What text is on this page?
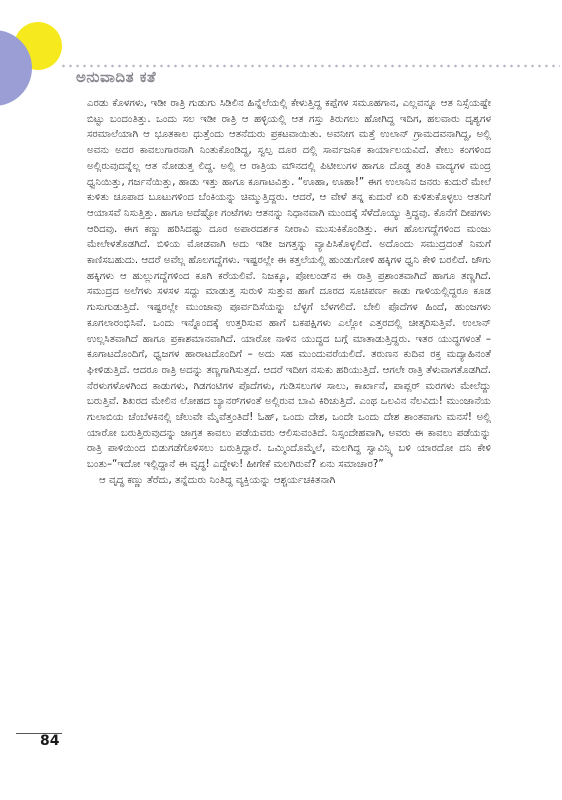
ಅನುವಾದಿತ ಕತೆ

ಎರಡು ಕೊಳಗಳು, ಇಡೀ ರಾತ್ರಿ ಗುಡುಗು ಸಿಡಿಲಿನ ಹಿನ್ನೆಲೆಯಲ್ಲಿ ಕೇಳುತ್ತಿದ್ದ ಕಪ್ಪೆಗಳ ಸಮೂಹಗಾನ, ಎಲ್ಲವನ್ನೂ ಆತ ನಿಸ್ಸೆಯಷ್ಟೇ ಬಿಟ್ಟು ಬಂದಂತಿತ್ತು. ಒಂದು ಸಲ ಇಡೀ ರಾತ್ರಿ ಆ ಹಳ್ಳಿಯಲ್ಲಿ ಆತ ಗಸ್ತು ತಿರುಗಲು ಹೋಗಿದ್ದ ಇದಿಗ, ಹಲವಾರು ದೃಶ್ಯಗಳ ಸರಮಾಲೆಯಾಗಿ ಆ ಭೂತಕಾಲ ಧುತ್ತೆಂದು ಆತನೆದುರು ಪ್ರಕಟವಾಯಿತು. ಅವನೀಗ ಮತ್ತೆ ಉಲಾನ್ ಗ್ರಾಮದವನಾಗಿದ್ದ, ಅಲ್ಲಿ ಅವನು ಅದರ ಕಾವಲುಗಾರನಾಗಿ ನಿಂತುಕೊಂಡಿದ್ದ, ಸ್ವಲ್ಪ ದೂರ ದಲ್ಲಿ ಸಾರ್ವಜನಿಕ ಕಾರ್ಯಾಲಯವಿದೆ. ತೇಲು ಕಂಗಳಿಂದ ಅಲ್ಲಿರುವುದನ್ನೆಲ್ಲ ಆತ ನೋಡುತ್ತ ಲಿದ್ದ. ಅಲ್ಲಿ ಆ ರಾತ್ರಿಯ ಮೌನದಲ್ಲಿ ಪಿಟೀಲುಗಳ ಹಾಗೂ ದೊಡ್ಡ ತಂತಿ ವಾದ್ಯಗಳ ಮಂದ್ರ ಧ್ವನಿಯಿತ್ತು, ಗರ್ಜನೆಯಿತ್ತು, ಹಾಡು ಇತ್ತು ಹಾಗೂ ಕೂಗಾಟವಿತ್ತು. “ಊಹಾ, ಊಹಾ!” ಈಗ ಉಲಾನಿನ ಜನರು ಕುದುರೆ ಮೇಲೆ ಕುಳಿತು ಚೂಪಾದ ಬೂಟುಗಳಿಂದ ಬೆಂಕಿಯನ್ನು ಚಿಮ್ಮುತ್ತಿದ್ದರು. ಆದರೆ, ಆ ವೇಳೆ ತನ್ನ ಕುದುರೆ ಏರಿ ಕುಳಿತುಕೊಳ್ಳಲು ಆತನಿಗೆ ಆಯಾಸವೆ ನಿಸುತ್ತಿತ್ತು. ಹಾಗೂ ಅದೆಷ್ಟೋ ಗಂಟೆಗಳು ಆತನನ್ನು ನಿಧಾನವಾಗಿ ಮುಂದಕ್ಕೆ ಸೆಳೆದೊಯ್ಯು ತ್ತಿದ್ದವು. ಕೊನೆಗೆ ದೀಪಗಳು ಆರಿದವು. ಈಗ ಕಣ್ಣು ಹರಿಸಿದಷ್ಟು ದೂರ ಅಪಾರದರ್ಶಕ ನೀರಾವಿ ಮುಸುಕಿಕೊಂಡಿತ್ತು. ಈಗ ಹೊಲಗದ್ದೆಗಳಿಂದ ಮಂಜು ಮೇಲೇಳತೊಡಗಿದೆ. ಬಿಳಿಯ ಮೋಡವಾಗಿ ಅದು ಇಡೀ ಜಗತ್ತನ್ನು ವ್ಯಾಪಿಸಿಕೊಳ್ಳಲಿದೆ. ಅದೊಂದು ಸಮುದ್ರದಂತೆ ನಿಮಗೆ ಕಾಣಿಸಬಹುದು. ಆದರೆ ಅವೆಲ್ಲ ಹೊಲಗದ್ದೆಗಳು. ಇಷ್ಟರಲ್ಲೇ ಈ ಕತ್ತಲೆಯಲ್ಲಿ ಹುಂಡುಗೋಳಿ ಹಕ್ಕಿಗಳ ಧ್ವನಿ ಕೇಳಿ ಬರಲಿದೆ. ಜೌಗು ಹಕ್ಕಿಗಳು ಆ ಹುಲ್ಲುಗದ್ದೆಗಳಿಂದ ಕೂಗಿ ಕರೆಯಲಿವೆ. ನಿಜಕ್ಕೂ, ಪೋಲಂಡ್‌ನ ಈ ರಾತ್ರಿ ಪ್ರಶಾಂತವಾಗಿದೆ ಹಾಗೂ ತಣ್ಣಗಿದೆ. ಸಮುದ್ರದ ಅಲೆಗಳು ಸಳಸಳ ಸದ್ದು ಮಾಡುತ್ತ ಸುರುಳಿ ಸುತ್ತುವ ಹಾಗೆ ದೂರದ ಸೂಚಿಪರ್ಣ ಕಾಡು ಗಾಳಿಯಲ್ಲಿದ್ದರೂ ಕೂಡ ಗುಸುಗುಡುತ್ತಿದೆ. ಇಷ್ಟರಲ್ಲೇ ಮುಂಜಾವು ಪೂರ್ವದಿಸೆಯನ್ನು ಬೆಳ್ಳಗೆ ಬೆಳಗಲಿದೆ. ಬೇಲಿ ಪೊದೆಗಳ ಹಿಂದೆ, ಹುಂಜಗಳು ಕೂಗಲಾರಂಭಿಸಿವೆ. ಒಂದು ಇನ್ನೊಂದಕ್ಕೆ ಉತ್ತರಿಸುವ ಹಾಗೆ ಬಕಪಕ್ಷಿಗಳು ಎಲ್ಲೋ ಎತ್ತರದಲ್ಲಿ ಚೀತ್ಕರಿಸುತ್ತಿವೆ. ಉಲಾನ್ ಉಲ್ಲಸಿತವಾಗಿದೆ ಹಾಗೂ ಪ್ರಕಾಶಮಾನವಾಗಿದೆ. ಯಾರೋ ನಾಳಿನ ಯುದ್ಧದ ಬಗ್ಗೆ ಮಾತಾಡುತ್ತಿದ್ದರು. ಇತರ ಯುದ್ಧಗಳಂತೆ – ಕೂಗಾಟದೊಂದಿಗೆ, ಧ್ವಜಗಳ ಹಾರಾಟದೊಂದಿಗೆ – ಅದು ಸಹ ಮುಂದುವರೆಯಲಿದೆ. ತರುಣನ ಕುದಿವ ರಕ್ತ ಮದ್ಯಾಹಿನಂತೆ ಘೀಳಿಡುತ್ತಿದೆ. ಆದರೂ ರಾತ್ರಿ ಅದನ್ನು ತಣ್ಣಗಾಗಿಸುತ್ತದೆ. ಆದರೆ ಇದೀಗ ನಸುಕು ಹರಿಯುತ್ತಿದೆ. ಆಗಲೇ ರಾತ್ರಿ ತೆಳುವಾಗತೊಡಗಿದೆ. ನೆರಳುಗಳೊಳಗಿಂದ ಕಾಡುಗಳು, ಗಿಡಗಂಟಿಗಳ ಪೊದೆಗಳು, ಗುಡಿಸಲುಗಳ ಸಾಲು, ಕಾರ್ಖಾನೆ, ಪಾಪ್ಲರ್ ಮರಗಳು ಮೇಲೆದ್ದು ಬರುತ್ತಿವೆ. ಶಿಖರದ ಮೇಲಿನ ಲೋಹದ ಬ್ಯಾನರ್‌ಗಳಂತೆ ಅಲ್ಲಿರುವ ಬಾವಿ ಕಿರಿಚುತ್ತಿದೆ. ಎಂಥ ಒಲವಿನ ನೆಲವಿದು! ಮುಂಜಾನೆಯ ಗುಲಾಬಿಯ ಚೆಂಬೆಳಕಿನಲ್ಲಿ ಚೆಲುವೇ ಮೈವೆತ್ತಂತಿದೆ! ಓಹ್, ಒಂದು ದೇಶ, ಒಂದೇ ಒಂದು ದೇಶ ಶಾಂತವಾಗು ಮನಸೆ! ಅಲ್ಲಿ ಯಾರೋ ಬರುತ್ತಿರುವುದನ್ನು ಜಾಗ್ರತ ಕಾವಲು ಪಡೆಯವರು ಆಲಿಸುವಂತಿದೆ. ನಿಸ್ಸಂದೇಹವಾಗಿ, ಅವರು ಈ ಕಾವಲು ಪಡೆಯನ್ನು ರಾತ್ರಿ ಪಾಳಿಯಿಂದ ಬಿಡುಗಡೆಗೊಳಿಸಲು ಬರುತ್ತಿದ್ದಾರೆ. ಒಮ್ಮಿಂದೊಮ್ಮೆಲೆ, ಮಲಗಿದ್ದ ಸ್ವಾವಿನ್ಸ್ಕಿ ಬಳಿ ಯಾರದೋ ದನಿ ಕೇಳಿ ಬಂತು–“ಇದೋ ಇಲ್ಲಿದ್ದಾನೆ ಈ ವೃದ್ಧ! ಎದ್ದೇಳು! ಹೀಗೇಕೆ ಮಲಗಿರುವೆ? ಏನು ಸಮಾಚಾರ?”

ಆ ವೃದ್ಧ ಕಣ್ಣು ತೆರೆದು, ತನ್ನೆದುರು ನಿಂತಿದ್ದ ವ್ಯಕ್ತಿಯನ್ನು ಆಶ್ಚರ್ಯಚಕಿತನಾಗಿ

84
